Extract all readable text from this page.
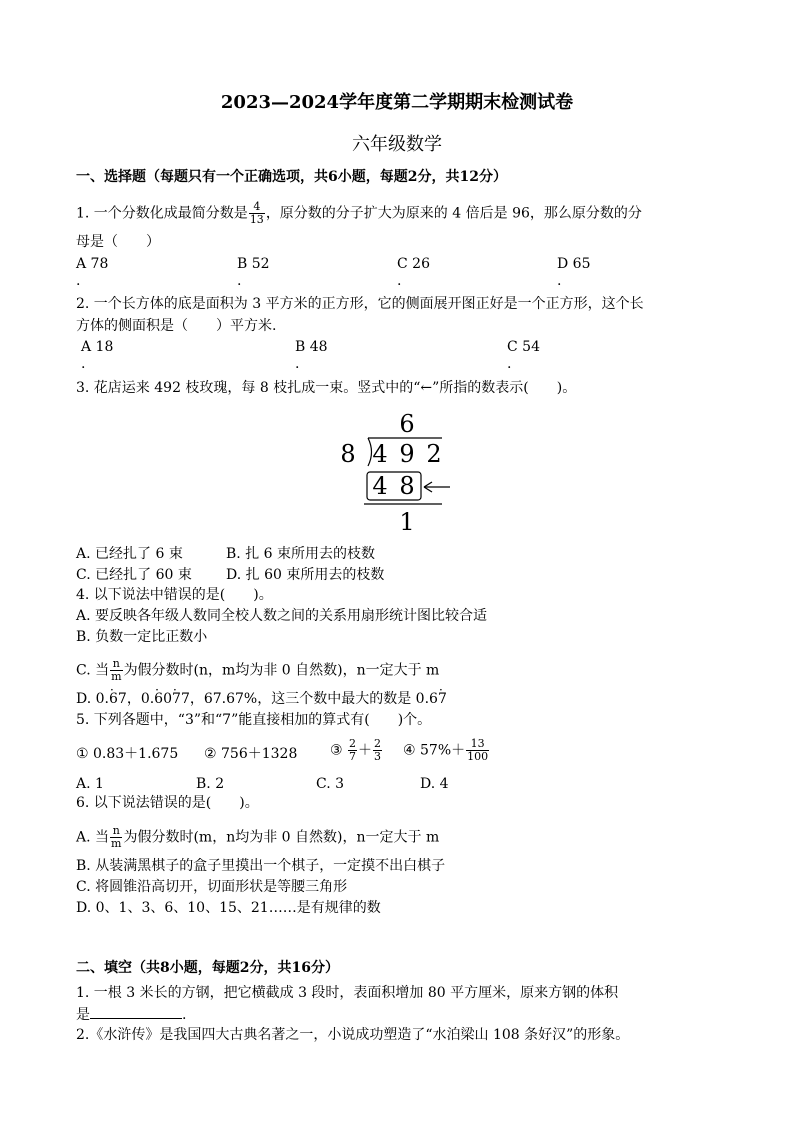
2023—2024学年度第二学期期末检测试卷
六年级数学
一、选择题（每题只有一个正确选项，共6小题，每题2分，共12分）
1. 一个分数化成最简分数是 $\frac{4}{13}$ ，原分数的分子扩大为原来的 4 倍后是 96，那么原分数的分
母是（　　）
A 78	B 52	C 26	D 65
.	.	.	.
2. 一个长方体的底是面积为 3 平方米的正方形，它的侧面展开图正好是一个正方形，这个长
方体的侧面积是（　　）平方米.
A 18	B 48	C 54
.	.	.
3. 花店运来 492 枝玫瑰，每 8 枝扎成一束。竖式中的“←”所指的数表示(　　)。
6
8 4 9 2
4 8
1
A. 已经扎了 6 束	B. 扎 6 束所用去的枝数
C. 已经扎了 60 束 D. 扎 60 束所用去的枝数
4. 以下说法中错误的是(　　)。
A. 要反映各年级人数同全校人数之间的关系用扇形统计图比较合适
B. 负数一定比正数小
C. 当 $\frac{n}{m}$ 为假分数时(n，m均为非 0 自然数)，n一定大于 m
D. 0.· 67，0.· 60· 77，67.67%，这三个数中最大的数是 0.6· 7
5. 下列各题中，“3”和“7”能直接相加的算式有(　　)个。
① 0.83＋1.675 ② 756＋1328 ③ $\frac{2}{7} + \frac{2}{3}$ ④ $57\%+ \frac{13}{100}$
A. 1	B. 2	C. 3	D. 4
6. 以下说法错误的是(　　)。
A. 当 $\frac{n}{m}$ 为假分数时(m，n均为非 0 自然数)，n一定大于 m
B. 从装满黑棋子的盒子里摸出一个棋子，一定摸不出白棋子
C. 将圆锥沿高切开，切面形状是等腰三角形
D. 0、1、3、6、10、15、21……是有规律的数
二、填空（共8小题，每题2分，共16分）
1. 一根 3 米长的方钢，把它横截成 3 段时，表面积增加 80 平方厘米，原来方钢的体积
是	.
2.《水浒传》是我国四大古典名著之一，小说成功塑造了“水泊梁山 108 条好汉”的形象。
